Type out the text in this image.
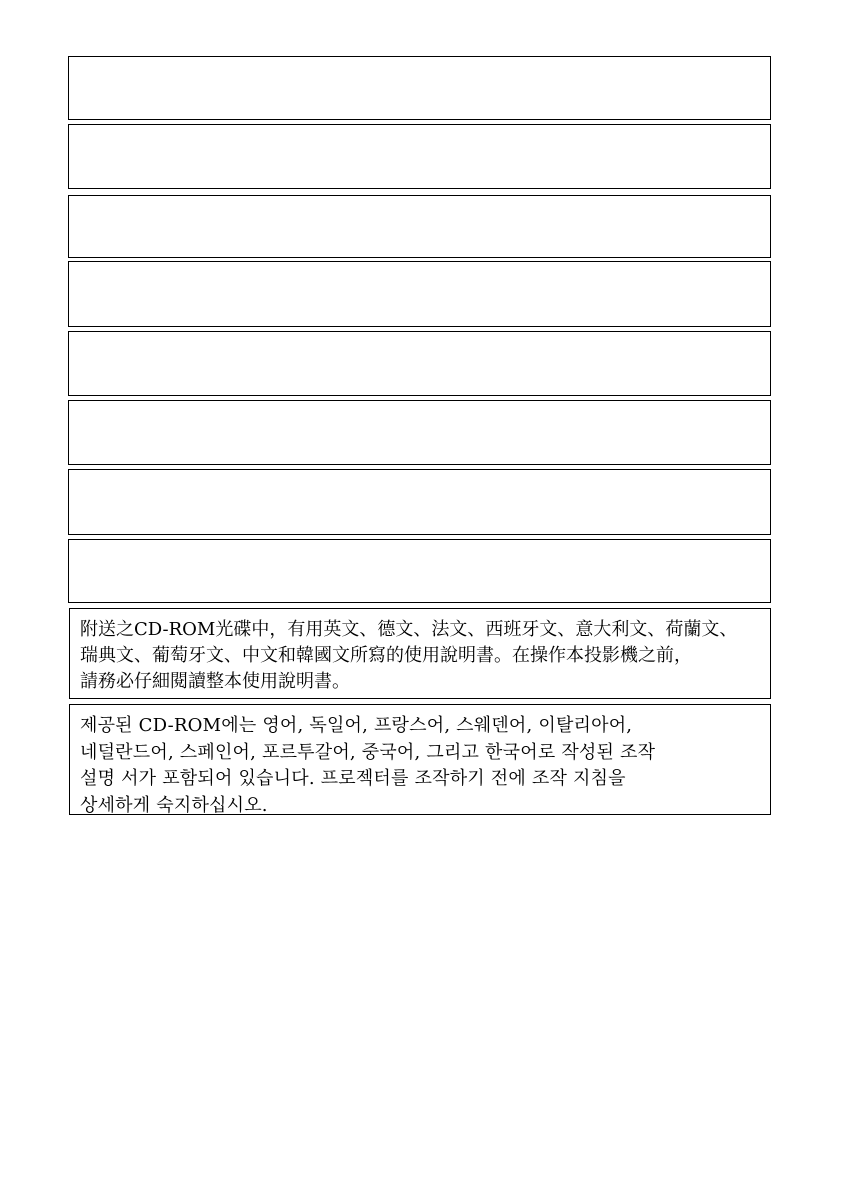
附送之CD-ROM光碟中，有用英文、德文、法文、西班牙文、意大利文、荷蘭文、
瑞典文、葡萄牙文、中文和韓國文所寫的使用說明書。在操作本投影機之前，
請務必仔細閱讀整本使用說明書。
제공된 CD-ROM에는 영어, 독일어, 프랑스어, 스웨덴어, 이탈리아어,
네덜란드어, 스페인어, 포르투갈어, 중국어, 그리고 한국어로 작성된 조작
설명 서가 포함되어 있습니다. 프로젝터를 조작하기 전에 조작 지침을
상세하게 숙지하십시오.
